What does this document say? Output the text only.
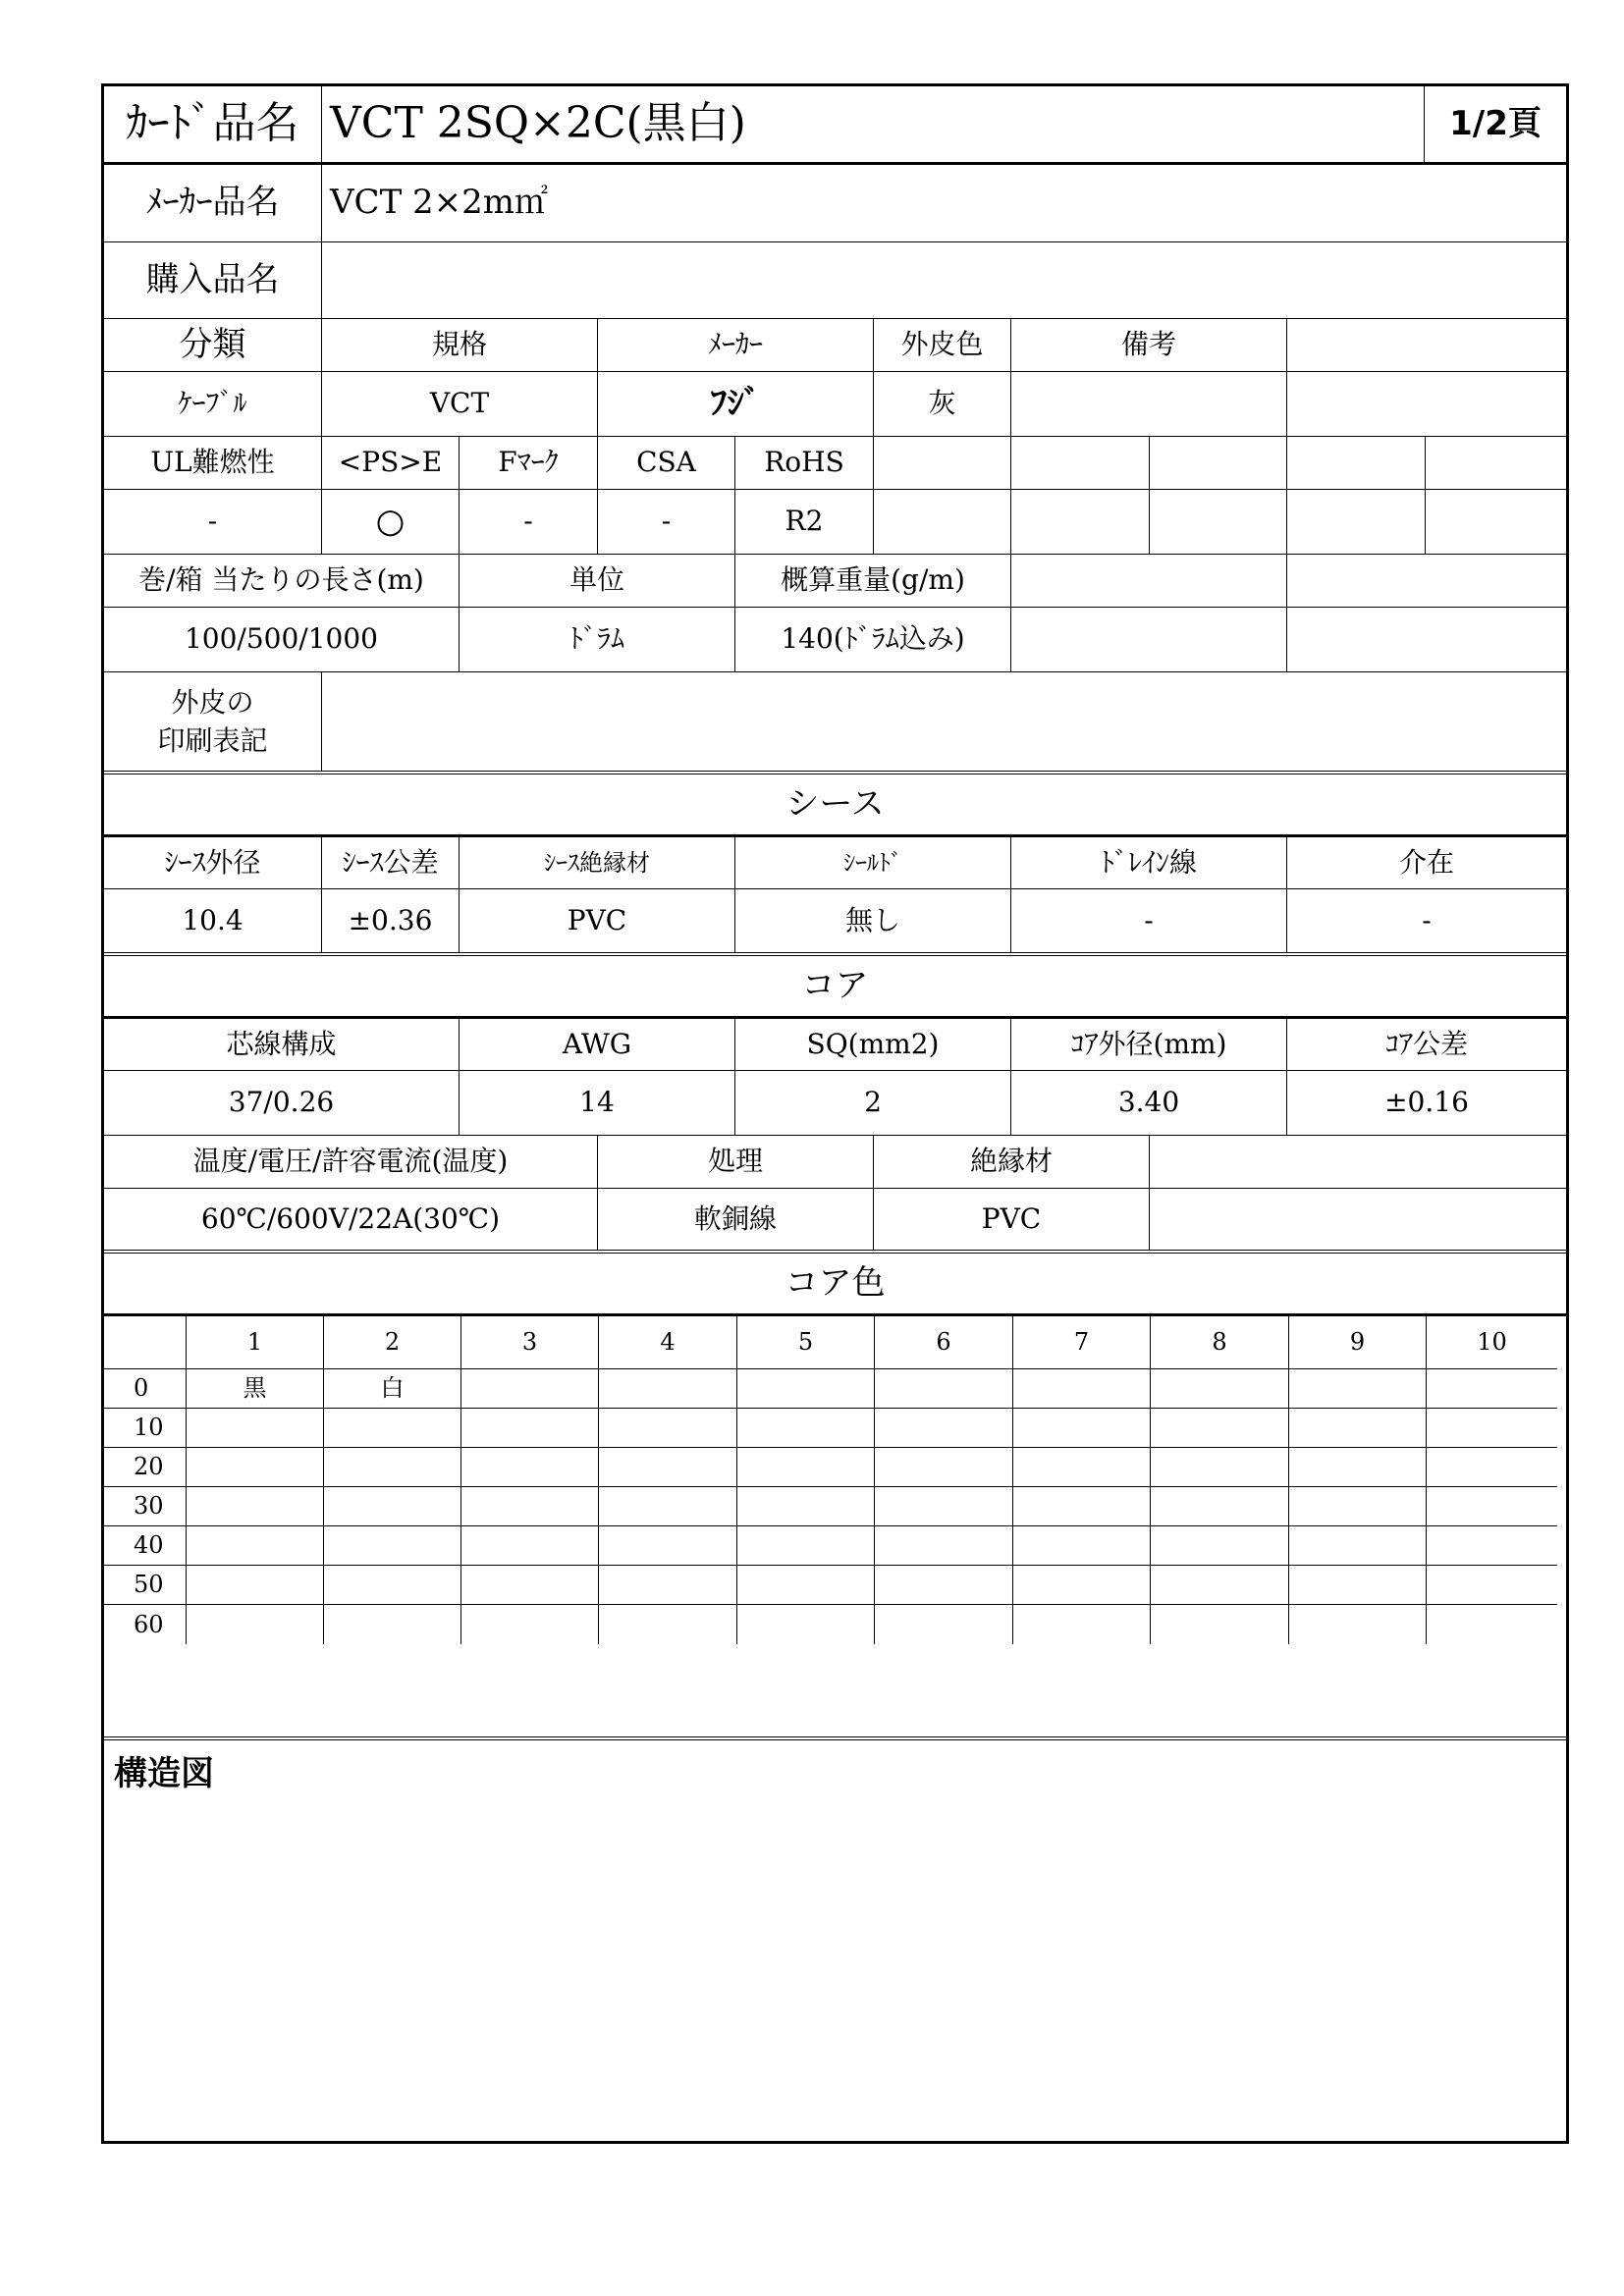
ｶｰﾄﾞ品名 VCT 2SQ×2C(黒白)	1/2頁
ﾒｰｶｰ品名	VCT 2×2m㎡
購入品名
分類	規格	ﾒｰｶｰ	外皮色	備考
ｹｰﾌﾞﾙ	VCT	ﾌｼﾞ	灰
UL難燃性	<PS>E	Fﾏｰｸ	CSA	RoHS
-	○	-	-	R2
巻/箱 当たりの長さ(m)	単位	概算重量(g/m)
100/500/1000	ﾄﾞﾗﾑ	140(ﾄﾞﾗﾑ込み)
外皮の
印刷表記
シース
ｼｰｽ外径	ｼｰｽ公差	ｼｰｽ絶縁材	ｼｰﾙﾄﾞ	ﾄﾞﾚｲﾝ線	介在
10.4	±0.36	PVC	無し	-	-
コア
芯線構成	AWG	SQ(mm2)	ｺｱ外径(mm)	ｺｱ公差
37/0.26	14	2	3.40	±0.16
温度/電圧/許容電流(温度)	処理	絶縁材
60℃/600V/22A(30℃)	軟銅線	PVC
コア色
1	2	3	4	5	6	7	8	9	10
0	黒	白
10
20
30
40
50
60
構造図
